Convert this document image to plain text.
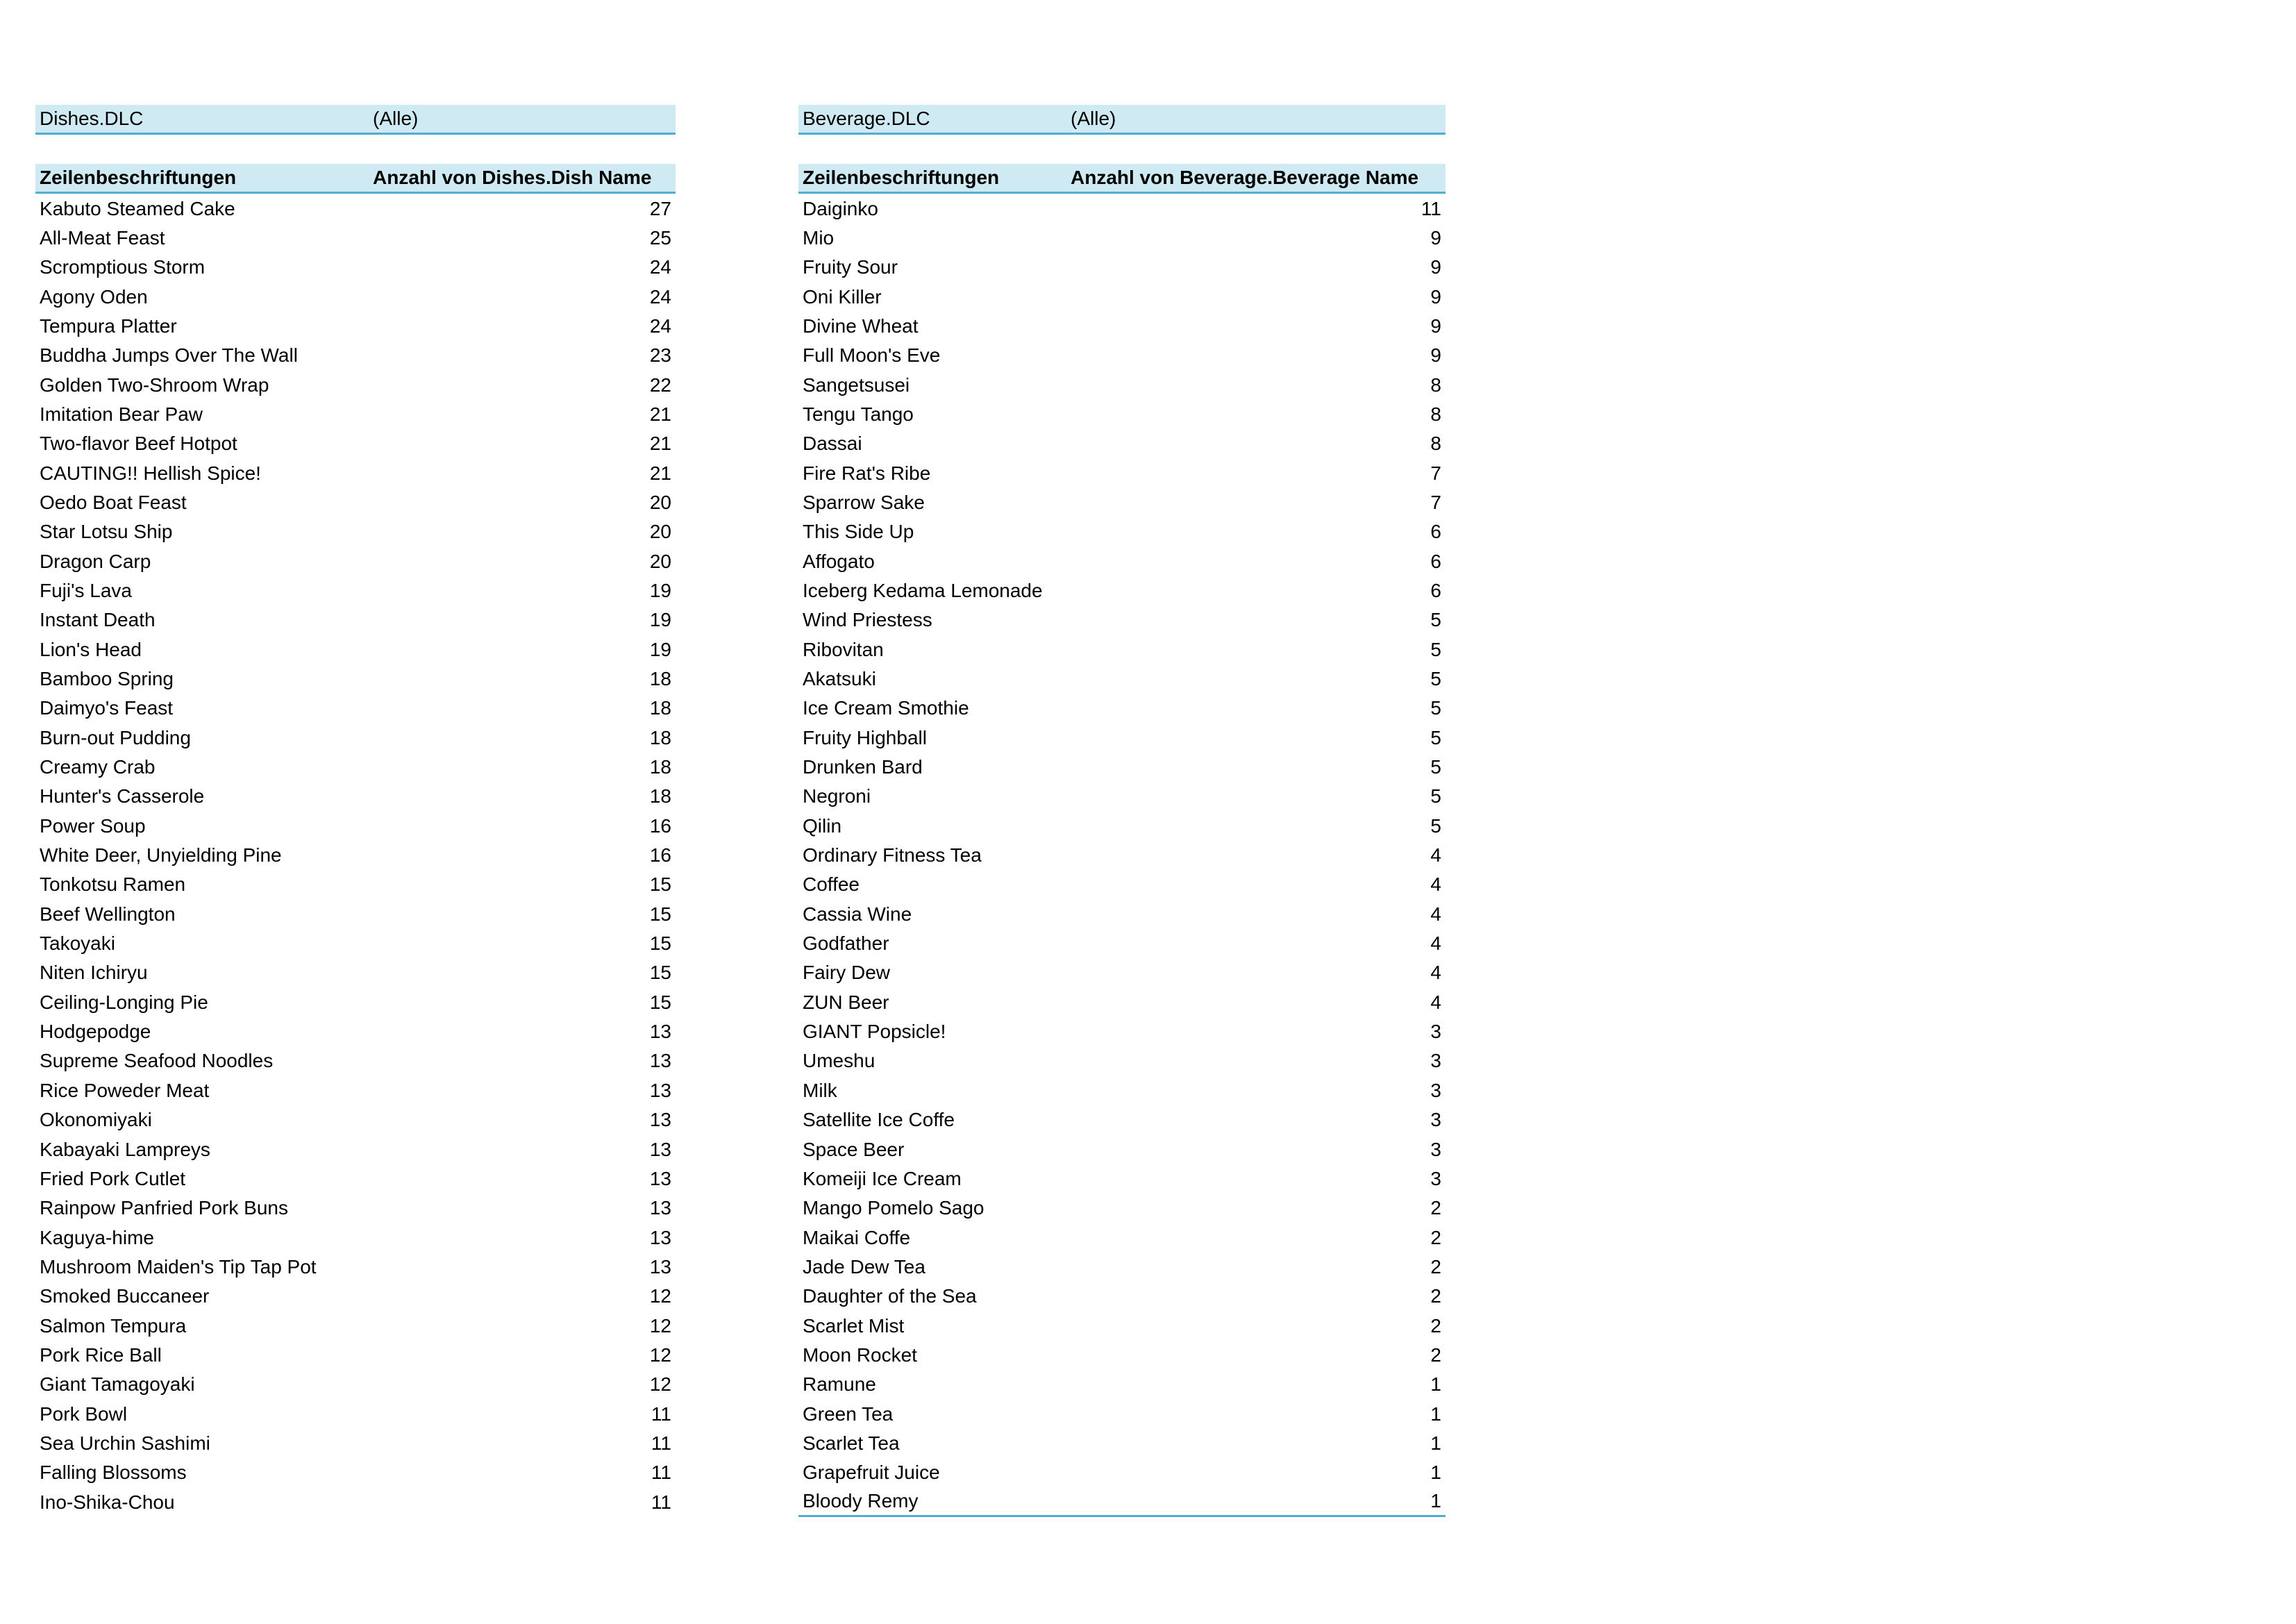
Dishes.DLC	(Alle)
Zeilenbeschriftungen	Anzahl von Dishes.Dish Name
Kabuto Steamed Cake	27
All-Meat Feast	25
Scromptious Storm	24
Agony Oden	24
Tempura Platter	24
Buddha Jumps Over The Wall	23
Golden Two-Shroom Wrap	22
Imitation Bear Paw	21
Two-flavor Beef Hotpot	21
CAUTING!! Hellish Spice!	21
Oedo Boat Feast	20
Star Lotsu Ship	20
Dragon Carp	20
Fuji's Lava	19
Instant Death	19
Lion's Head	19
Bamboo Spring	18
Daimyo's Feast	18
Burn-out Pudding	18
Creamy Crab	18
Hunter's Casserole	18
Power Soup	16
White Deer, Unyielding Pine	16
Tonkotsu Ramen	15
Beef Wellington	15
Takoyaki	15
Niten Ichiryu	15
Ceiling-Longing Pie	15
Hodgepodge	13
Supreme Seafood Noodles	13
Rice Poweder Meat	13
Okonomiyaki	13
Kabayaki Lampreys	13
Fried Pork Cutlet	13
Rainpow Panfried Pork Buns	13
Kaguya-hime	13
Mushroom Maiden's Tip Tap Pot	13
Smoked Buccaneer	12
Salmon Tempura	12
Pork Rice Ball	12
Giant Tamagoyaki	12
Pork Bowl	11
Sea Urchin Sashimi	11
Falling Blossoms	11
Ino-Shika-Chou	11
Beverage.DLC	(Alle)
Zeilenbeschriftungen	Anzahl von Beverage.Beverage Name
Daiginko	11
Mio	9
Fruity Sour	9
Oni Killer	9
Divine Wheat	9
Full Moon's Eve	9
Sangetsusei	8
Tengu Tango	8
Dassai	8
Fire Rat's Ribe	7
Sparrow Sake	7
This Side Up	6
Affogato	6
Iceberg Kedama Lemonade	6
Wind Priestess	5
Ribovitan	5
Akatsuki	5
Ice Cream Smothie	5
Fruity Highball	5
Drunken Bard	5
Negroni	5
Qilin	5
Ordinary Fitness Tea	4
Coffee	4
Cassia Wine	4
Godfather	4
Fairy Dew	4
ZUN Beer	4
GIANT Popsicle!	3
Umeshu	3
Milk	3
Satellite Ice Coffe	3
Space Beer	3
Komeiji Ice Cream	3
Mango Pomelo Sago	2
Maikai Coffe	2
Jade Dew Tea	2
Daughter of the Sea	2
Scarlet Mist	2
Moon Rocket	2
Ramune	1
Green Tea	1
Scarlet Tea	1
Grapefruit Juice	1
Bloody Remy	1
